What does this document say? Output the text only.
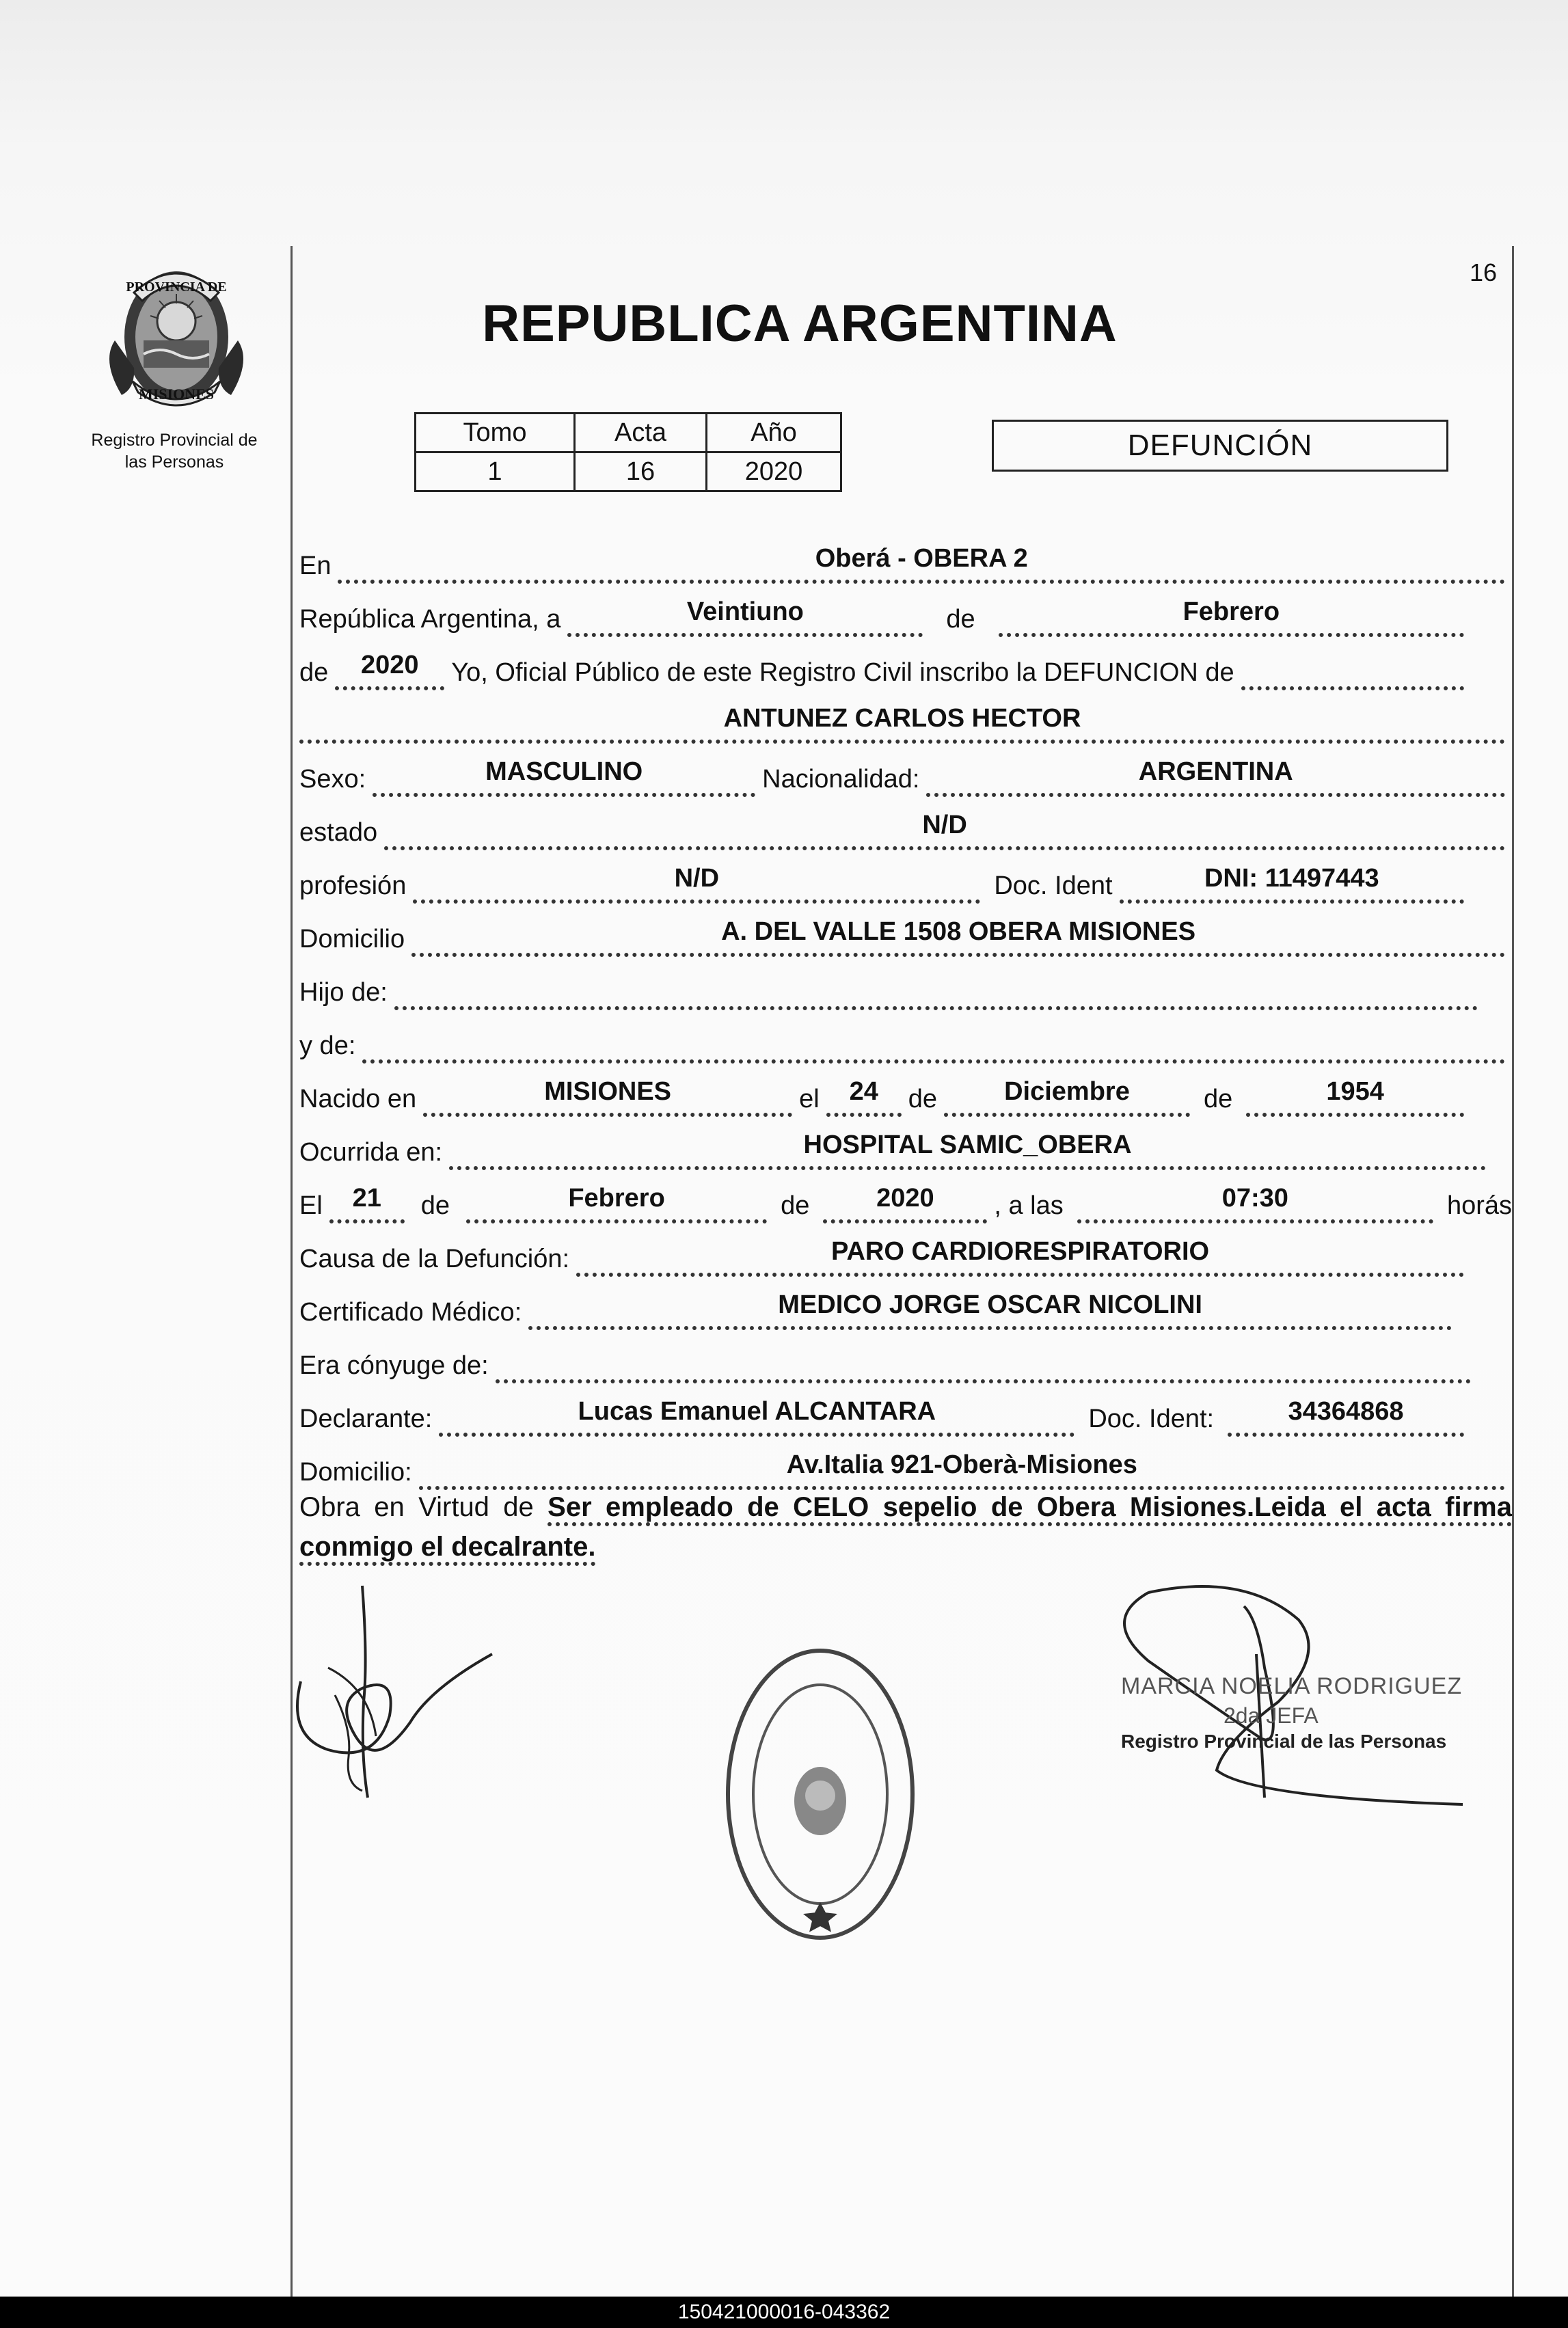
PROVINCIA DE
MISIONES
Registro Provincial de
las Personas
16
REPUBLICA ARGENTINA
Tomo	Acta	Año
1	16	2020
DEFUNCIÓN
En	Oberá - OBERA 2
República Argentina, a	Veintiuno	de	Febrero
de	2020	Yo, Oficial Público de este Registro Civil inscribo la DEFUNCION de
ANTUNEZ CARLOS HECTOR
Sexo:	MASCULINO	Nacionalidad:	ARGENTINA
estado	N/D
profesión	N/D	Doc. Ident	DNI: 11497443
Domicilio	A. DEL VALLE 1508 OBERA MISIONES
Hijo de:
y de:
Nacido en	MISIONES	el	24	de	Diciembre	de	1954
Ocurrida en:	HOSPITAL SAMIC_OBERA
El	21	de	Febrero	de	2020	, a las	07:30	horás
Causa de la Defunción:	PARO CARDIORESPIRATORIO
Certificado Médico:	MEDICO JORGE OSCAR NICOLINI
Era cónyuge de:
Declarante:	Lucas Emanuel ALCANTARA	Doc. Ident:	34364868
Domicilio:	Av.Italia 921-Oberà-Misiones
Obra en Virtud de Ser empleado de CELO sepelio de Obera Misiones.Leida el acta firma conmigo el decalrante.
MARCIA NOELIA RODRIGUEZ
2da JEFA
Registro Provincial de las Personas
150421000016-043362
